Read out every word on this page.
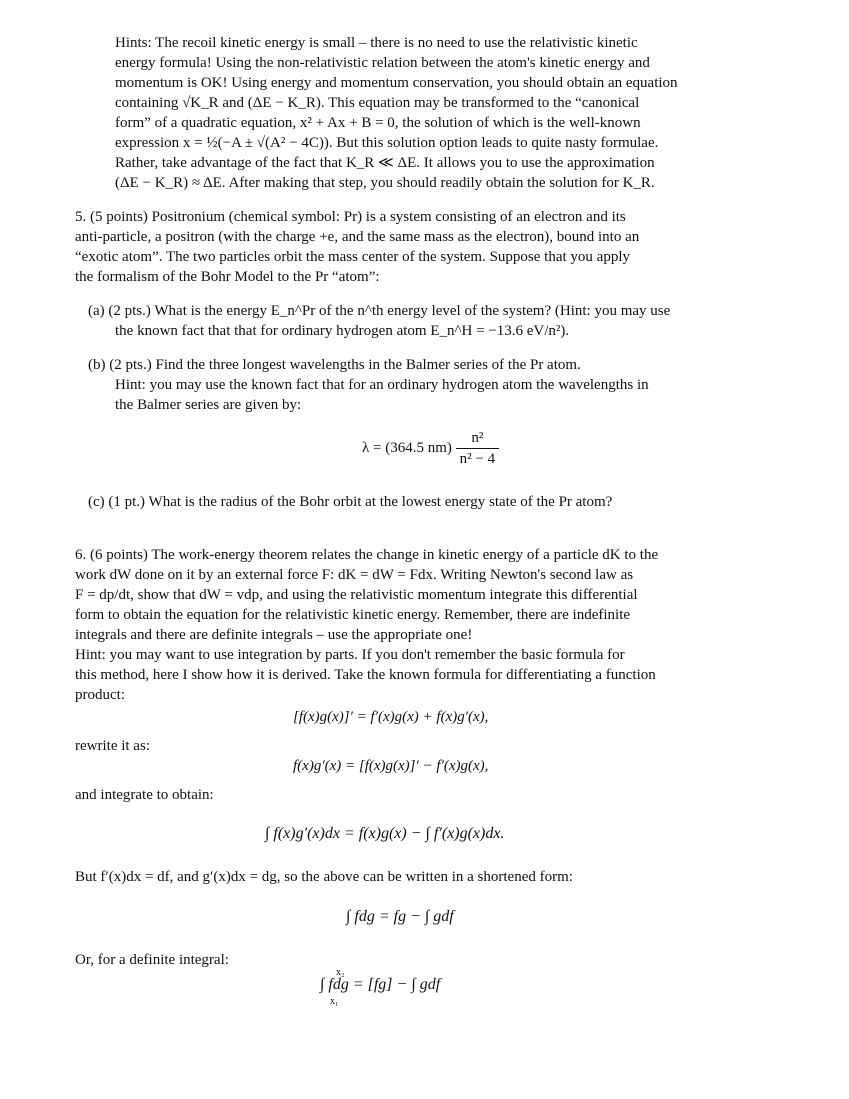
Hints: The recoil kinetic energy is small – there is no need to use the relativistic kinetic
energy formula! Using the non-relativistic relation between the atom's kinetic energy and
momentum is OK! Using energy and momentum conservation, you should obtain an equation
containing √K_R and (ΔE − K_R). This equation may be transformed to the “canonical
form” of a quadratic equation, x² + Ax + B = 0, the solution of which is the well-known
expression x = ½(−A ± √(A² − 4C)). But this solution option leads to quite nasty formulae.
Rather, take advantage of the fact that K_R ≪ ΔE. It allows you to use the approximation
(ΔE − K_R) ≈ ΔE. After making that step, you should readily obtain the solution for K_R.
5. (5 points) Positronium (chemical symbol: Pr) is a system consisting of an electron and its
anti-particle, a positron (with the charge +e, and the same mass as the electron), bound into an
“exotic atom”. The two particles orbit the mass center of the system. Suppose that you apply
the formalism of the Bohr Model to the Pr “atom”:
(a) (2 pts.) What is the energy E_n^Pr of the n^th energy level of the system? (Hint: you may use
the known fact that that for ordinary hydrogen atom E_n^H = −13.6 eV/n²).
(b) (2 pts.) Find the three longest wavelengths in the Balmer series of the Pr atom.
Hint: you may use the known fact that for an ordinary hydrogen atom the wavelengths in
the Balmer series are given by:
λ = (364.5 $nm) \frac{\text{n²}}{\text{n² − 4}}$
(c) (1 pt.) What is the radius of the Bohr orbit at the lowest energy state of the Pr atom?
6. (6 points) The work-energy theorem relates the change in kinetic energy of a particle dK to the
work dW done on it by an external force F: dK = dW = Fdx. Writing Newton's second law as
F = dp/dt, show that dW = vdp, and using the relativistic momentum integrate this differential
form to obtain the equation for the relativistic kinetic energy. Remember, there are indefinite
integrals and there are definite integrals – use the appropriate one!
Hint: you may want to use integration by parts. If you don't remember the basic formula for
this method, here I show how it is derived. Take the known formula for differentiating a function
product:
[f(x)g(x)]′ = f′(x)g(x) + f(x)g′(x),
rewrite it as:
f(x)g′(x) = [f(x)g(x)]′ − f′(x)g(x),
and integrate to obtain:
∫ f(x)g′(x)dx = f(x)g(x) − ∫ f′(x)g(x)dx.
But f′(x)dx = df, and g′(x)dx = dg, so the above can be written in a shortened form:
∫ fdg = fg − ∫ gdf
Or, for a definite integral:
∫ fdg = [fg] − ∫ gdf
x₂
x₁
